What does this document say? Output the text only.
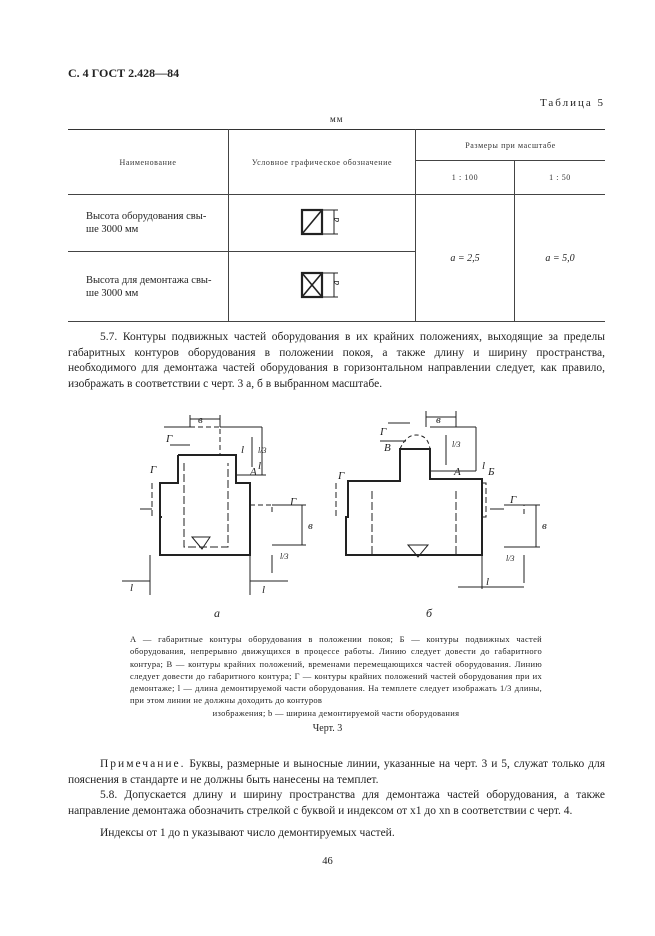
С. 4 ГОСТ 2.428—84
Таблица 5
мм
Наименование	Условное графическое обозначение	Размеры при масштабе	
		1 : 100	1 : 50
Высота оборудования свы- ше 3000 мм	a	a = 2,5	a = 5,0
Высота для демонтажа свы- ше 3000 мм	a		

5.7. Контуры подвижных частей оборудования в их крайних положениях, выходящие за пределы габаритных контуров оборудования в положении покоя, а также длину и ширину пространства, необходимого для демонтажа частей оборудования в горизонтальном направлении следует, как правило, изображать в соответствии с черт. 3 а, б в выбранном масштабе.

Г
в
l l/3
l
Г	А
Г
в
l/3
l	l
а
Г
В
в
l/3
l
Г	А Б
Г
в
l/3
l
б
А — габаритные контуры оборудования в положении покоя; Б — контуры подвижных частей оборудования, непрерывно движущихся в процессе работы. Линию следует довести до габаритного контура; В — контуры крайних положений, временами перемещающихся частей оборудования. Линию следует довести до габаритного контура; Г — контуры крайних положений частей оборудования при их демонтаже; l — длина демонтируемой части оборудования. На темплете следует изображать 1/3 длины, при этом линии не должны доходить до контуров
изображения; b — ширина демонтируемой части оборудования
Черт. 3

Примечание. Буквы, размерные и выносные линии, указанные на черт. 3 и 5, служат только для пояснения в стандарте и не должны быть нанесены на темплет.

5.8. Допускается длину и ширину пространства для демонтажа частей оборудования, а также направление демонтажа обозначить стрелкой с буквой и индексом от x1 до xn в соответствии с черт. 4.

Индексы от 1 до n указывают число демонтируемых частей.

46
